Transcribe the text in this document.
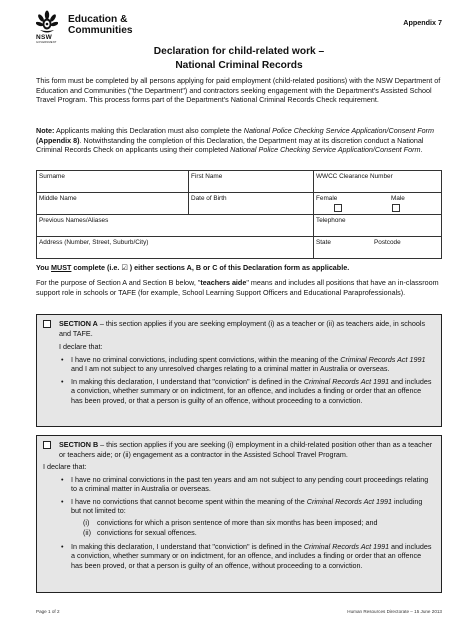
NSW
GOVERNMENT
Education &
Communities
Appendix 7
Declaration for child-related work –
National Criminal Records
This form must be completed by all persons applying for paid employment (child-related positions) with the NSW Department of Education and Communities ("the Department") and contractors seeking engagement with the Department's Assisted School Travel Program. This process forms part of the Department's National Criminal Records Check requirement.
Note: Applicants making this Declaration must also complete the National Police Checking Service Application/Consent Form (Appendix 8). Notwithstanding the completion of this Declaration, the Department may at its discretion conduct a National Criminal Records Check on applicants using their completed National Police Checking Service Application/Consent Form.
Surname	First Name	WWCC Clearance Number
Middle Name	Date of Birth	Female Male

Previous Names/Aliases		Telephone
Address (Number, Street, Suburb/City)		State Postcode
You MUST complete (i.e. ☑ ) either sections A, B or C of this Declaration form as applicable.
For the purpose of Section A and Section B below, "teachers aide" means and includes all positions that have an in-classroom support role in schools or TAFE (for example, School Learning Support Officers and Educational Paraprofessionals).
SECTION A – this section applies if you are seeking employment (i) as a teacher or (ii) as teachers aide, in schools and TAFE.
I declare that:
•	I have no criminal convictions, including spent convictions, within the meaning of the Criminal Records Act 1991 and I am not subject to any unresolved charges relating to a criminal matter in Australia or overseas.
•	In making this declaration, I understand that "conviction" is defined in the Criminal Records Act 1991 and includes a conviction, whether summary or on indictment, for an offence, and includes a finding or order that an offence has been proved, or that a person is guilty of an offence, without proceeding to a conviction.
SECTION B – this section applies if you are seeking (i) employment in a child-related position other than as a teacher or teachers aide; or (ii) engagement as a contractor in the Assisted School Travel Program.
I declare that:
•	I have no criminal convictions in the past ten years and am not subject to any pending court proceedings relating to a criminal matter in Australia or overseas.
•	I have no convictions that cannot become spent within the meaning of the Criminal Records Act 1991 including but not limited to:
(i)	convictions for which a prison sentence of more than six months has been imposed; and
(ii) convictions for sexual offences.
•	In making this declaration, I understand that "conviction" is defined in the Criminal Records Act 1991 and includes a conviction, whether summary or on indictment, for an offence, and includes a finding or order that an offence has been proved, or that a person is guilty of an offence, without proceeding to a conviction.
Page 1 of 2	Human Resources Directorate – 15 June 2013
